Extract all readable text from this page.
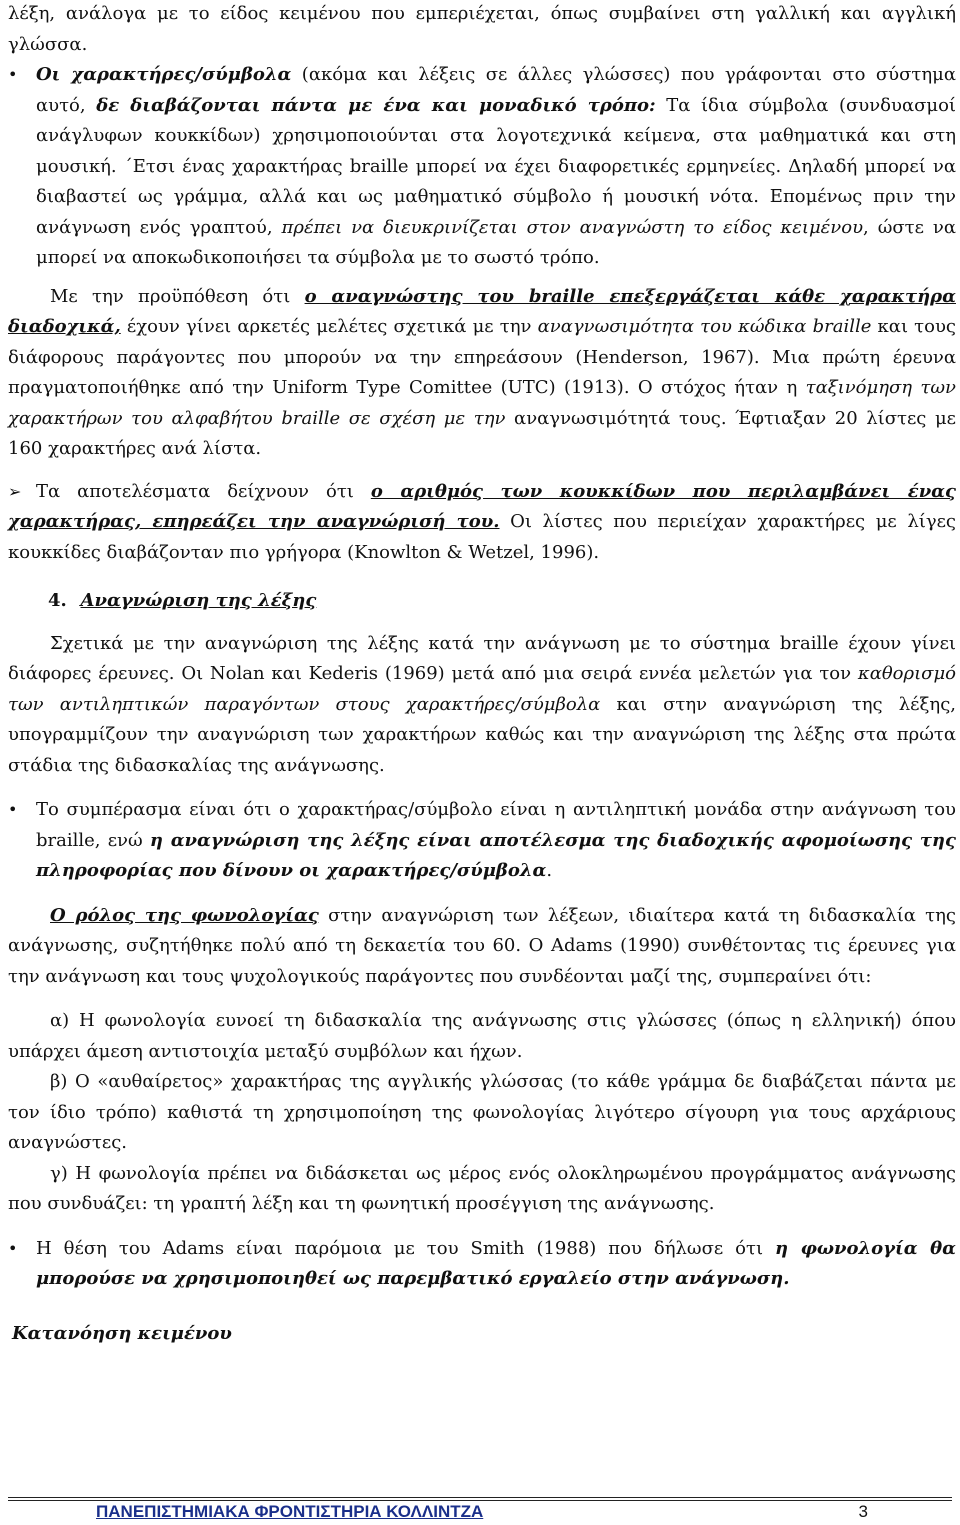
λέξη, ανάλογα με το είδος κειμένου που εμπεριέχεται, όπως συμβαίνει στη γαλλική και αγγλική γλώσσα.

• Οι χαρακτήρες/σύμβολα (ακόμα και λέξεις σε άλλες γλώσσες) που γράφονται στο σύστημα αυτό, δε διαβάζονται πάντα με ένα και μοναδικό τρόπο: Τα ίδια σύμβολα (συνδυασμοί ανάγλυφων κουκκίδων) χρησιμοποιούνται στα λογοτεχνικά κείμενα, στα μαθηματικά και στη μουσική. ΄Ετσι ένας χαρακτήρας braille μπορεί να έχει διαφορετικές ερμηνείες. Δηλαδή μπορεί να διαβαστεί ως γράμμα, αλλά και ως μαθηματικό σύμβολο ή μουσική νότα. Επομένως πριν την ανάγνωση ενός γραπτού, πρέπει να διευκρινίζεται στον αναγνώστη το είδος κειμένου, ώστε να μπορεί να αποκωδικοποιήσει τα σύμβολα με το σωστό τρόπο.

Με την προϋπόθεση ότι ο αναγνώστης του braille επεξεργάζεται κάθε χαρακτήρα διαδοχικά, έχουν γίνει αρκετές μελέτες σχετικά με την αναγνωσιμότητα του κώδικα braille και τους διάφορους παράγοντες που μπορούν να την επηρεάσουν (Henderson, 1967). Μια πρώτη έρευνα πραγματοποιήθηκε από την Uniform Type Comittee (UTC) (1913). Ο στόχος ήταν η ταξινόμηση των χαρακτήρων του αλφαβήτου braille σε σχέση με την αναγνωσιμότητά τους. Έφτιαξαν 20 λίστες με 160 χαρακτήρες ανά λίστα.

➢ Τα αποτελέσματα δείχνουν ότι ο αριθμός των κουκκίδων που περιλαμβάνει ένας χαρακτήρας, επηρεάζει την αναγνώρισή του. Οι λίστες που περιείχαν χαρακτήρες με λίγες κουκκίδες διαβάζονταν πιο γρήγορα (Knowlton & Wetzel, 1996).

4. Αναγνώριση της λέξης

Σχετικά με την αναγνώριση της λέξης κατά την ανάγνωση με το σύστημα braille έχουν γίνει διάφορες έρευνες. Οι Nolan και Kederis (1969) μετά από μια σειρά εννέα μελετών για τον καθορισμό των αντιληπτικών παραγόντων στους χαρακτήρες/σύμβολα και στην αναγνώριση της λέξης, υπογραμμίζουν την αναγνώριση των χαρακτήρων καθώς και την αναγνώριση της λέξης στα πρώτα στάδια της διδασκαλίας της ανάγνωσης.

• Το συμπέρασμα είναι ότι ο χαρακτήρας/σύμβολο είναι η αντιληπτική μονάδα στην ανάγνωση του braille, ενώ η αναγνώριση της λέξης είναι αποτέλεσμα της διαδοχικής αφομοίωσης της πληροφορίας που δίνουν οι χαρακτήρες/σύμβολα.

Ο ρόλος της φωνολογίας στην αναγνώριση των λέξεων, ιδιαίτερα κατά τη διδασκαλία της ανάγνωσης, συζητήθηκε πολύ από τη δεκαετία του 60. Ο Adams (1990) συνθέτοντας τις έρευνες για την ανάγνωση και τους ψυχολογικούς παράγοντες που συνδέονται μαζί της, συμπεραίνει ότι:

α) Η φωνολογία ευνοεί τη διδασκαλία της ανάγνωσης στις γλώσσες (όπως η ελληνική) όπου υπάρχει άμεση αντιστοιχία μεταξύ συμβόλων και ήχων.

β) Ο «αυθαίρετος» χαρακτήρας της αγγλικής γλώσσας (το κάθε γράμμα δε διαβάζεται πάντα με τον ίδιο τρόπο) καθιστά τη χρησιμοποίηση της φωνολογίας λιγότερο σίγουρη για τους αρχάριους αναγνώστες.

γ) Η φωνολογία πρέπει να διδάσκεται ως μέρος ενός ολοκληρωμένου προγράμματος ανάγνωσης που συνδυάζει: τη γραπτή λέξη και τη φωνητική προσέγγιση της ανάγνωσης.

• Η θέση του Adams είναι παρόμοια με του Smith (1988) που δήλωσε ότι η φωνολογία θα μπορούσε να χρησιμοποιηθεί ως παρεμβατικό εργαλείο στην ανάγνωση.

Κατανόηση κειμένου

ΠΑΝΕΠΙΣΤΗΜΙΑΚΑ ΦΡΟΝΤΙΣΤΗΡΙΑ ΚΟΛΛΙΝΤΖΑ	3
